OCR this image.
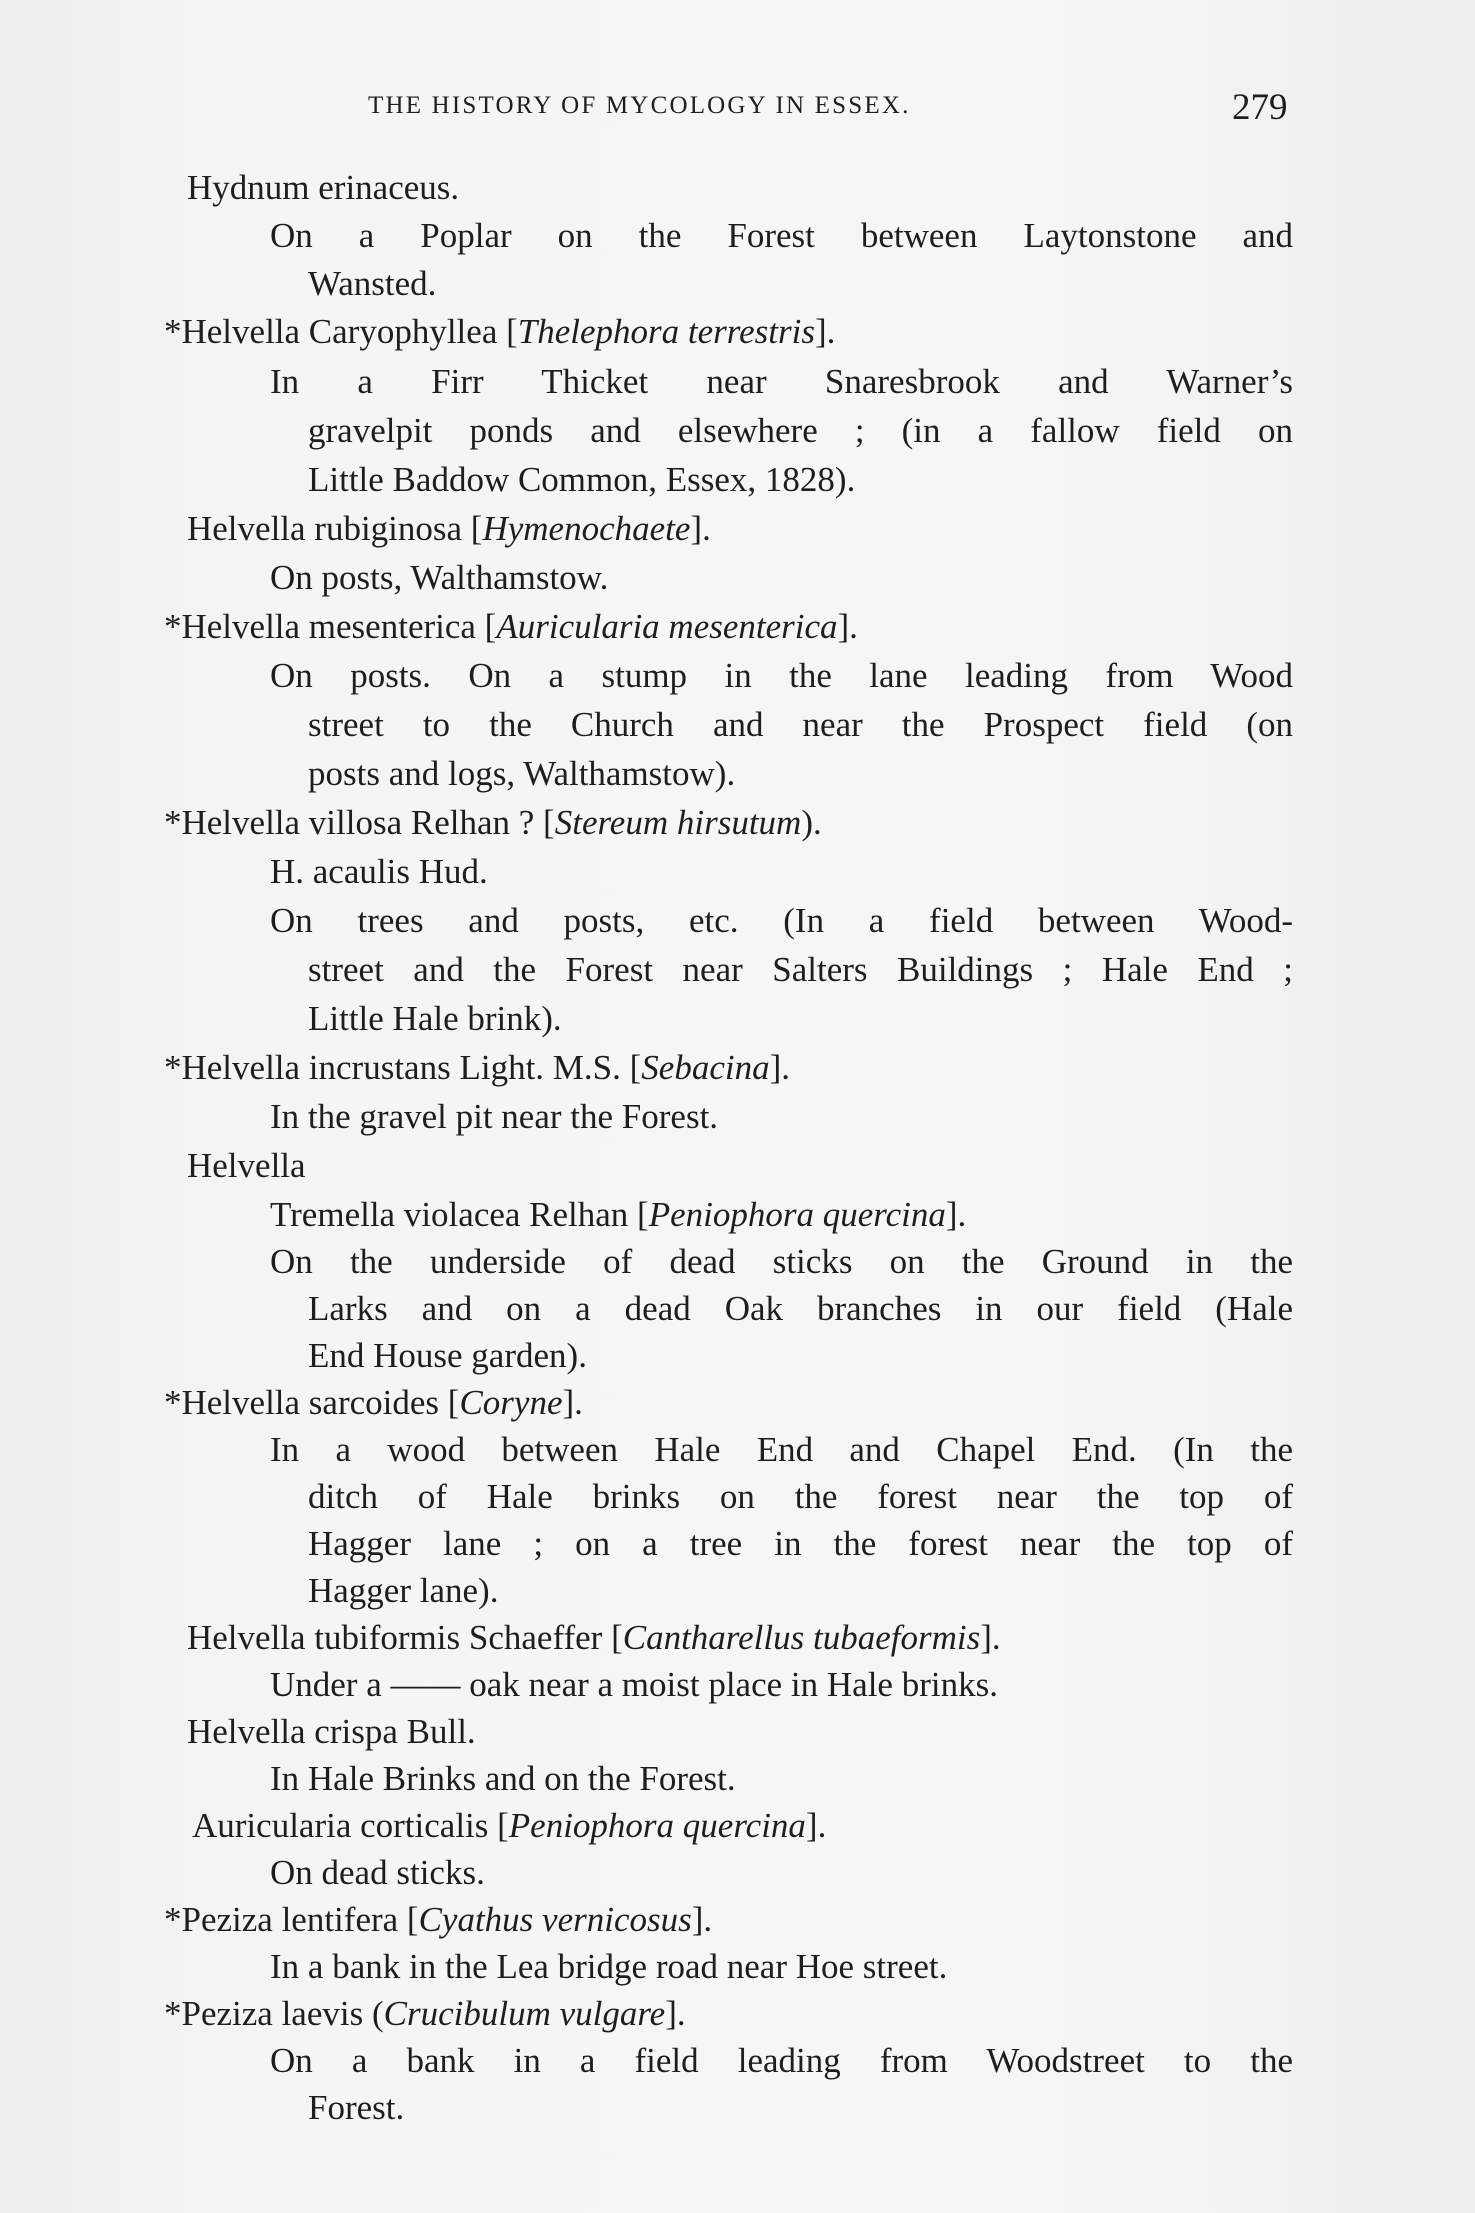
THE HISTORY OF MYCOLOGY IN ESSEX.	279
Hydnum erinaceus.
On a Poplar on the Forest between Laytonstone and
Wansted.
*Helvella Caryophyllea [Thelephora terrestris].
In a Firr Thicket near Snaresbrook and Warner’s
gravelpit ponds and elsewhere ; (in a fallow field on
Little Baddow Common, Essex, 1828).
Helvella rubiginosa [Hymenochaete].
On posts, Walthamstow.
*Helvella mesenterica [Auricularia mesenterica].
On posts. On a stump in the lane leading from Wood
street to the Church and near the Prospect field (on
posts and logs, Walthamstow).
*Helvella villosa Relhan ? [Stereum hirsutum).
H. acaulis Hud.
On trees and posts, etc. (In a field between Wood-
street and the Forest near Salters Buildings ; Hale End ;
Little Hale brink).
*Helvella incrustans Light. M.S. [Sebacina].
In the gravel pit near the Forest.
Helvella
Tremella violacea Relhan [Peniophora quercina].
On the underside of dead sticks on the Ground in the
Larks and on a dead Oak branches in our field (Hale
End House garden).
*Helvella sarcoides [Coryne].
In a wood between Hale End and Chapel End. (In the
ditch of Hale brinks on the forest near the top of
Hagger lane ; on a tree in the forest near the top of
Hagger lane).
Helvella tubiformis Schaeffer [Cantharellus tubaeformis].
Under a —— oak near a moist place in Hale brinks.
Helvella crispa Bull.
In Hale Brinks and on the Forest.
Auricularia corticalis [Peniophora quercina].
On dead sticks.
*Peziza lentifera [Cyathus vernicosus].
In a bank in the Lea bridge road near Hoe street.
*Peziza laevis (Crucibulum vulgare].
On a bank in a field leading from Woodstreet to the
Forest.
